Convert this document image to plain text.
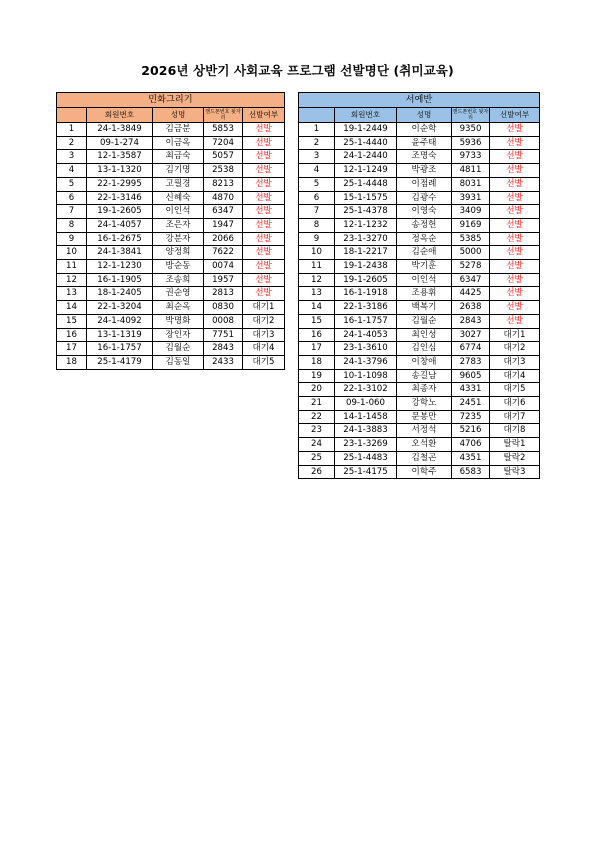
2026년 상반기 사회교육 프로그램 선발명단 (취미교육)
민화그리기				
	회원번호	성명	핸드폰번호 뒷자리	선발여부
1	24-1-3849	김금분	5853	선발
2	09-1-274	이금옥	7204	선발
3	12-1-3587	최금숙	5057	선발
4	13-1-1320	김기명	2538	선발
5	22-1-2995	고필경	8213	선발
6	22-1-3146	신혜숙	4870	선발
7	19-1-2605	이인석	6347	선발
8	24-1-4057	조은자	1947	선발
9	16-1-2675	강분자	2066	선발
10	24-1-3841	양정희	7622	선발
11	12-1-1230	방순동	0074	선발
12	16-1-1905	조송희	1957	선발
13	18-1-2405	권순영	2813	선발
14	22-1-3204	최순옥	0830	대기1
15	24-1-4092	박명화	0008	대기2
16	13-1-1319	장인자	7751	대기3
17	16-1-1757	김월순	2843	대기4
18	25-1-4179	김동일	2433	대기5
서예반				
	회원번호	성명	핸드폰번호 뒷자리	선발여부
1	19-1-2449	이순학	9350	선발
2	25-1-4440	윤주태	5936	선발
3	24-1-2440	조명숙	9733	선발
4	12-1-1249	박광조	4811	선발
5	25-1-4448	이점례	8031	선발
6	15-1-1575	김광수	3931	선발
7	25-1-4378	이영숙	3409	선발
8	12-1-1232	송정헌	9169	선발
9	23-1-3270	정옥순	5385	선발
10	18-1-2217	김순애	5000	선발
11	19-1-2438	박기훈	5278	선발
12	19-1-2605	이인석	6347	선발
13	16-1-1918	조용휘	4425	선발
14	22-1-3186	백복기	2638	선발
15	16-1-1757	김월순	2843	선발
16	24-1-4053	최인성	3027	대기1
17	23-1-3610	김인심	6774	대기2
18	24-1-3796	이창애	2783	대기3
19	10-1-1098	송길남	9605	대기4
20	22-1-3102	최종자	4331	대기5
21	09-1-060	강학노	2451	대기6
22	14-1-1458	문봉만	7235	대기7
23	24-1-3883	서정석	5216	대기8
24	23-1-3269	오석환	4706	탈락1
25	25-1-4483	김철곤	4351	탈락2
26	25-1-4175	이학주	6583	탈락3
